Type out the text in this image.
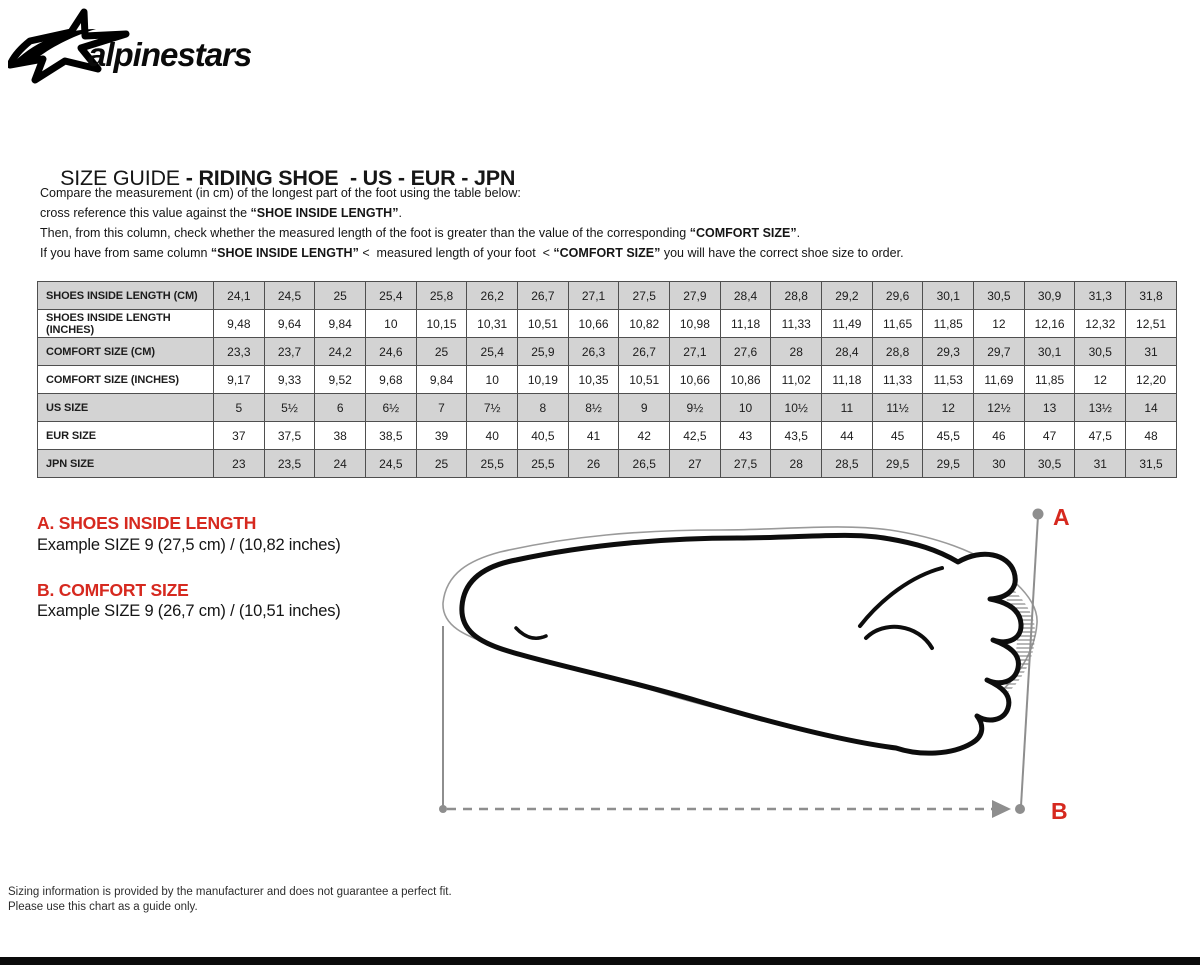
alpinestars

SIZE GUIDE - RIDING SHOE  - US - EUR - JPN

Compare the measurement (in cm) of the longest part of the foot using the table below:
cross reference this value against the “SHOE INSIDE LENGTH”.
Then, from this column, check whether the measured length of the foot is greater than the value of the corresponding “COMFORT SIZE”.
If you have from same column “SHOE INSIDE LENGTH” <  measured length of your foot  < “COMFORT SIZE” you will have the correct shoe size to order.
SHOES INSIDE LENGTH (CM)	24,1	24,5	25	25,4	25,8	26,2	26,7	27,1	27,5	27,9	28,4	28,8	29,2	29,6	30,1	30,5	30,9	31,3	31,8
SHOES INSIDE LENGTH (INCHES)	9,48	9,64	9,84	10	10,15	10,31	10,51	10,66	10,82	10,98	11,18	11,33	11,49	11,65	11,85	12	12,16	12,32	12,51
COMFORT SIZE (CM)	23,3	23,7	24,2	24,6	25	25,4	25,9	26,3	26,7	27,1	27,6	28	28,4	28,8	29,3	29,7	30,1	30,5	31
COMFORT SIZE (INCHES)	9,17	9,33	9,52	9,68	9,84	10	10,19	10,35	10,51	10,66	10,86	11,02	11,18	11,33	11,53	11,69	11,85	12	12,20
US SIZE	5	5½	6	6½	7	7½	8	8½	9	9½	10	10½	11	11½	12	12½	13	13½	14
EUR SIZE	37	37,5	38	38,5	39	40	40,5	41	42	42,5	43	43,5	44	45	45,5	46	47	47,5	48
JPN SIZE	23	23,5	24	24,5	25	25,5	25,5	26	26,5	27	27,5	28	28,5	29,5	29,5	30	30,5	31	31,5
A. SHOES INSIDE LENGTH
Example SIZE 9 (27,5 cm) / (10,82 inches)
B. COMFORT SIZE
Example SIZE 9 (26,7 cm) / (10,51 inches)
A
B
Sizing information is provided by the manufacturer and does not guarantee a perfect fit.
Please use this chart as a guide only.
